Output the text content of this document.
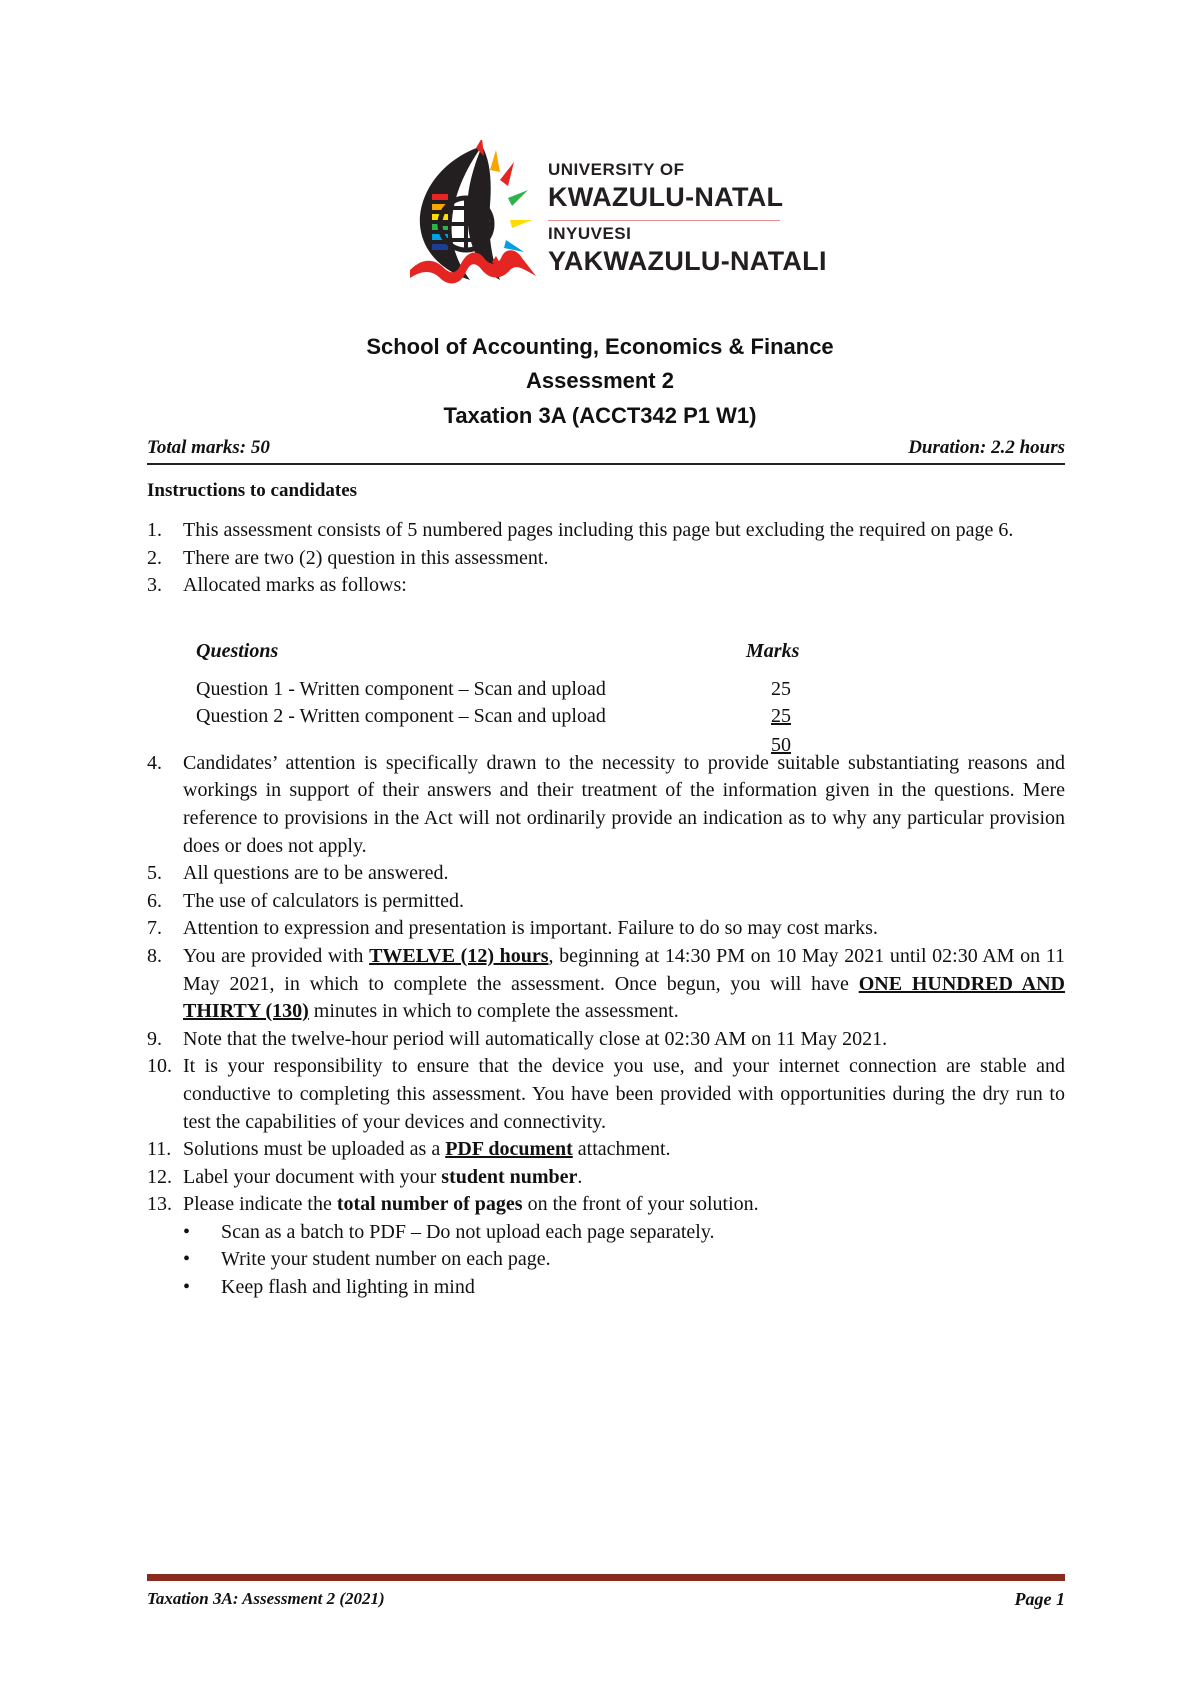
UNIVERSITY OF
KWAZULU-NATAL
INYUVESI
YAKWAZULU-NATALI
School of Accounting, Economics & Finance
Assessment 2
Taxation 3A (ACCT342 P1 W1)
Total marks: 50	Duration: 2.2 hours
Instructions to candidates
1.	This assessment consists of 5 numbered pages including this page but excluding the required on page 6.
2.	There are two (2) question in this assessment.
3.	Allocated marks as follows:
4.	Candidates’ attention is specifically drawn to the necessity to provide suitable substantiating reasons and workings in support of their answers and their treatment of the information given in the questions. Mere reference to provisions in the Act will not ordinarily provide an indication as to why any particular provision does or does not apply.
5.	All questions are to be answered.
6.	The use of calculators is permitted.
7.	Attention to expression and presentation is important. Failure to do so may cost marks.
8.	You are provided with TWELVE (12) hours, beginning at 14:30 PM on 10 May 2021 until 02:30 AM on 11 May 2021, in which to complete the assessment. Once begun, you will have ONE HUNDRED AND THIRTY (130) minutes in which to complete the assessment.
9.	Note that the twelve-hour period will automatically close at 02:30 AM on 11 May 2021.
10. It is your responsibility to ensure that the device you use, and your internet connection are stable and conductive to completing this assessment. You have been provided with opportunities during the dry run to test the capabilities of your devices and connectivity.
11. Solutions must be uploaded as a PDF document attachment.
12. Label your document with your student number.
13. Please indicate the total number of pages on the front of your solution.
•	Scan as a batch to PDF – Do not upload each page separately.
•	Write your student number on each page.
•	Keep flash and lighting in mind
Questions	Marks
Question 1 - Written component – Scan and upload	25
Question 2 - Written component – Scan and upload	25
50
Taxation 3A: Assessment 2 (2021)	Page 1
